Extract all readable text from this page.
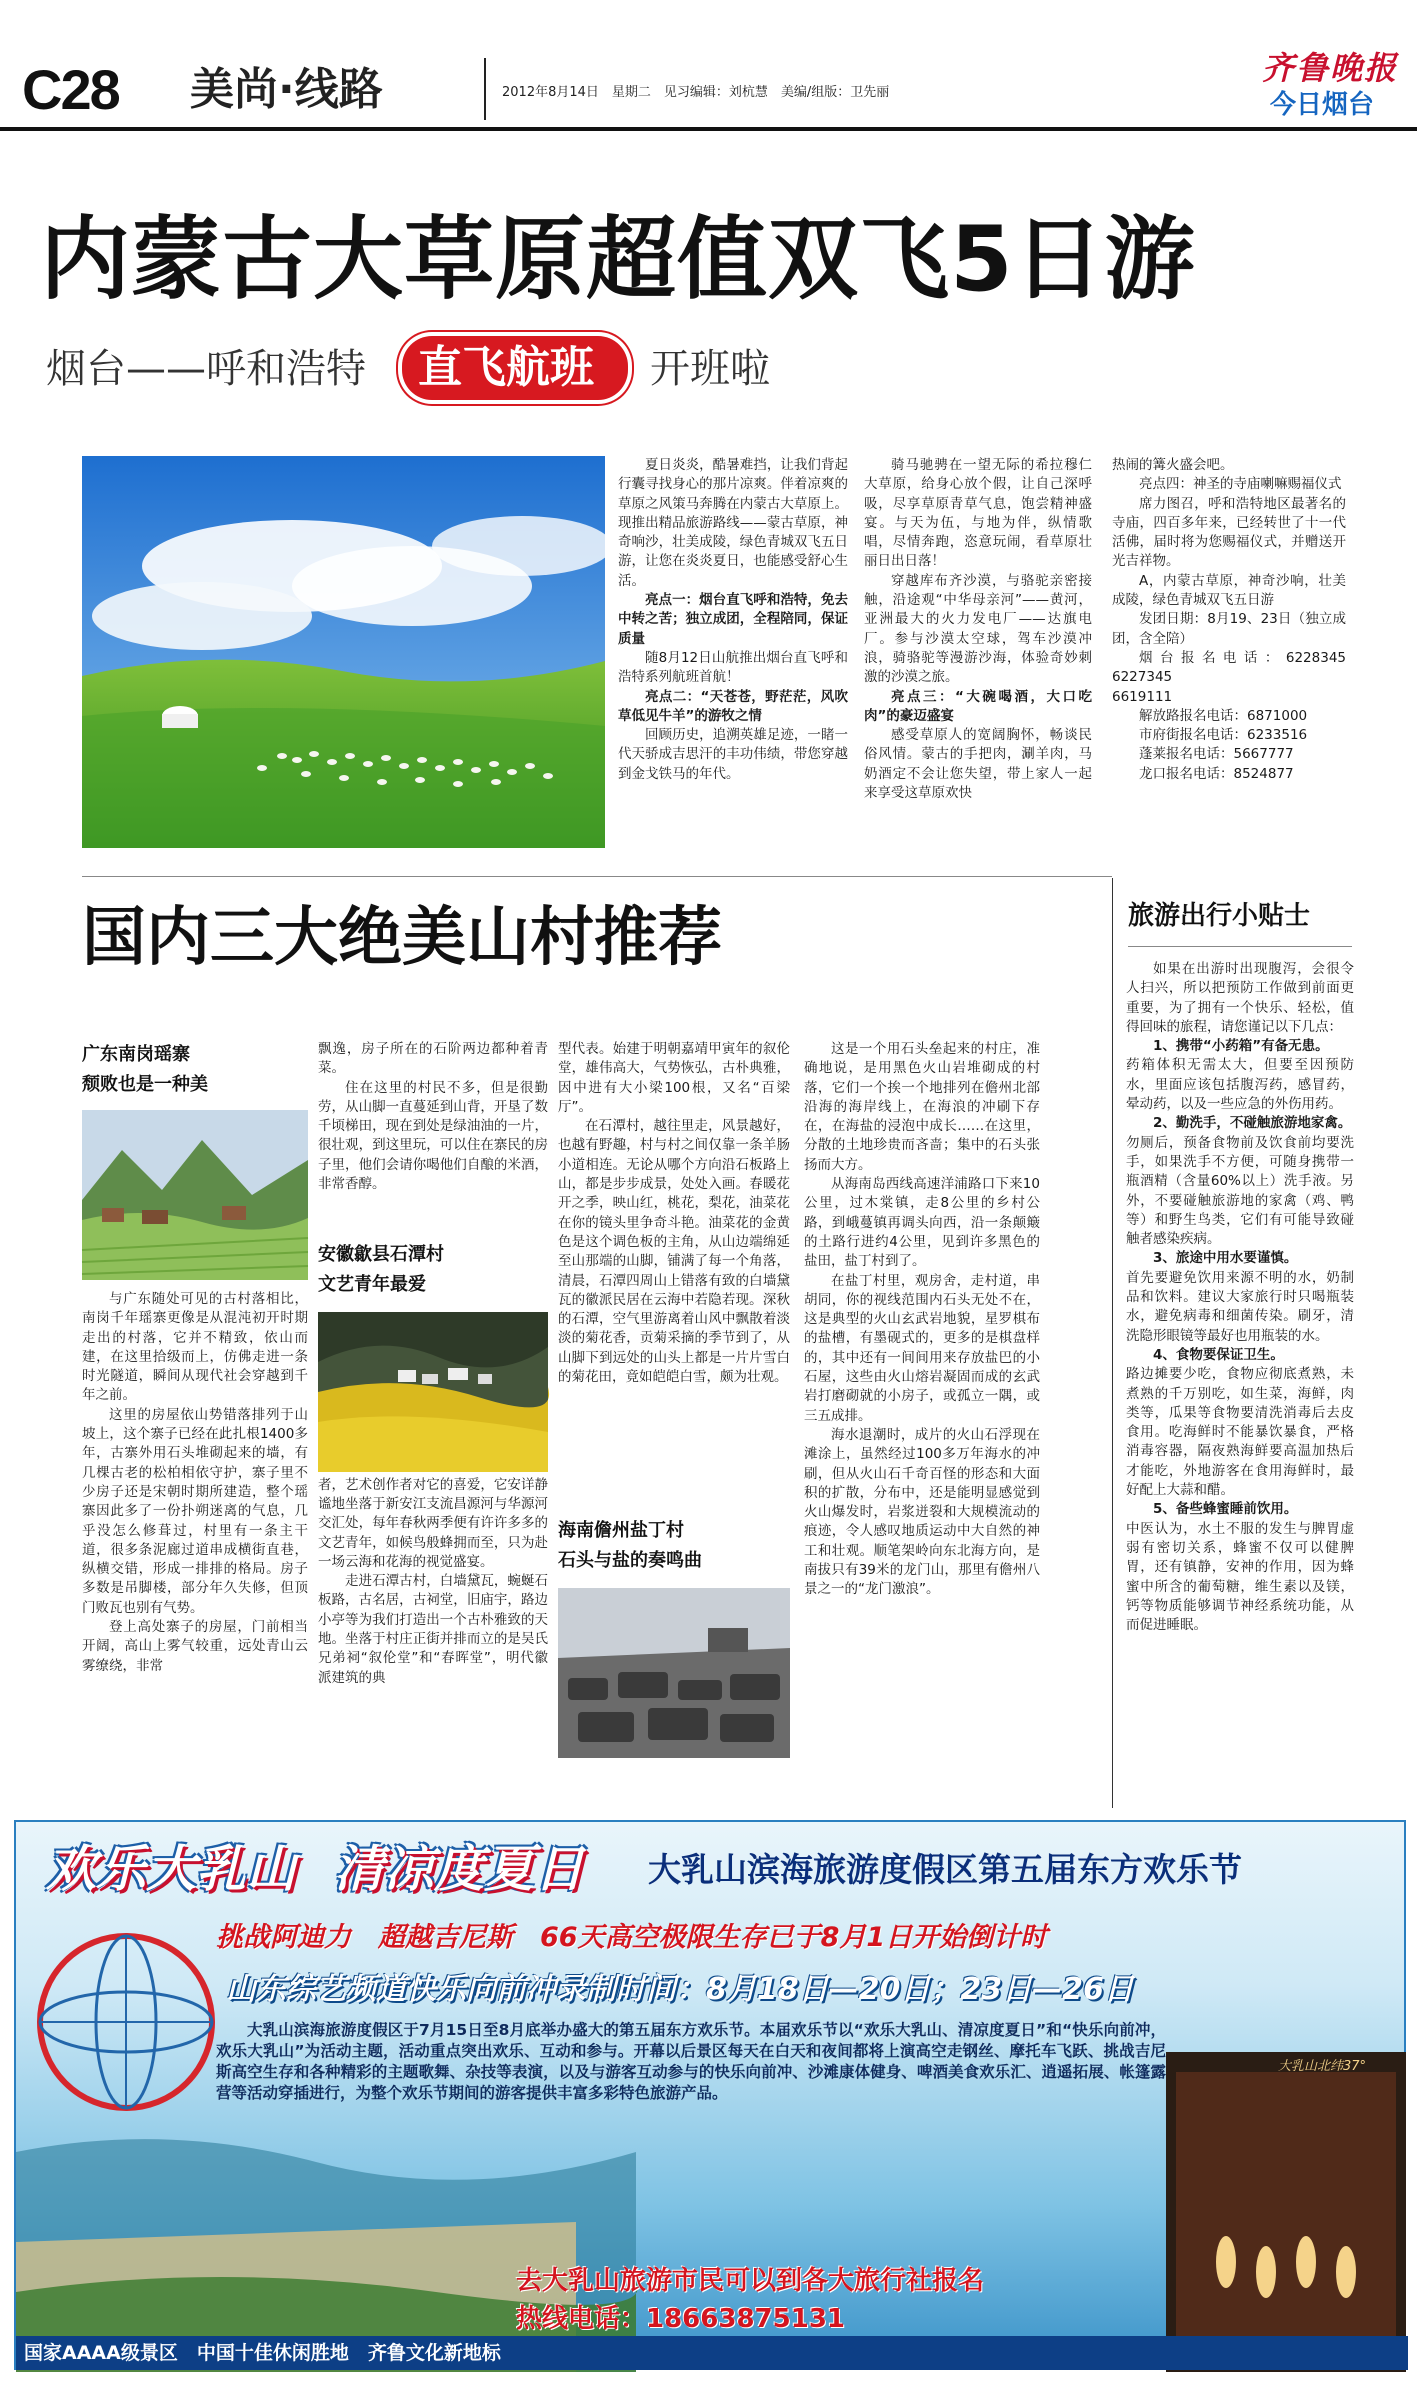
C28 美尚·线路	2012年8月14日　星期二　见习编辑：刘杭慧　美编/组版：卫先丽
齐鲁晚报
今日烟台
内蒙古大草原超值双飞5日游
烟台——呼和浩特 直飞航班 开班啦

夏日炎炎，酷暑难挡，让我们背起行囊寻找身心的那片凉爽。伴着凉爽的草原之风策马奔腾在内蒙古大草原上。现推出精品旅游路线——蒙古草原，神奇响沙，壮美成陵，绿色青城双飞五日游，让您在炎炎夏日，也能感受舒心生活。

亮点一：烟台直飞呼和浩特，免去中转之苦；独立成团，全程陪同，保证质量

随8月12日山航推出烟台直飞呼和浩特系列航班首航！

亮点二：“天苍苍，野茫茫，风吹草低见牛羊”的游牧之情

回顾历史，追溯英雄足迹，一睹一代天骄成吉思汗的丰功伟绩，带您穿越到金戈铁马的年代。

骑马驰骋在一望无际的希拉穆仁大草原，给身心放个假，让自己深呼吸，尽享草原青草气息，饱尝精神盛宴。与天为伍，与地为伴，纵情歌唱，尽情奔跑，恣意玩闹，看草原壮丽日出日落！

穿越库布齐沙漠，与骆驼亲密接触，沿途观“中华母亲河”——黄河，亚洲最大的火力发电厂——达旗电厂。参与沙漠太空球，驾车沙漠冲浪，骑骆驼等漫游沙海，体验奇妙刺激的沙漠之旅。

亮点三：“大碗喝酒，大口吃肉”的豪迈盛宴

感受草原人的宽阔胸怀，畅谈民俗风情。蒙古的手把肉，涮羊肉，马奶酒定不会让您失望，带上家人一起来享受这草原欢快

热闹的篝火盛会吧。

亮点四：神圣的寺庙喇嘛赐福仪式

席力图召，呼和浩特地区最著名的寺庙，四百多年来，已经转世了十一代活佛，届时将为您赐福仪式，并赠送开光吉祥物。

A，内蒙古草原，神奇沙响，壮美成陵，绿色青城双飞五日游

发团日期：8月19、23日（独立成团，含全陪）

烟台报名电话：6228345　6227345

6619111

解放路报名电话：6871000

市府街报名电话：6233516

蓬莱报名电话：5667777

龙口报名电话：8524877

国内三大绝美山村推荐
广东南岗瑶寨
颓败也是一种美

与广东随处可见的古村落相比，南岗千年瑶寨更像是从混沌初开时期走出的村落，它并不精致，依山而建，在这里拾级而上，仿佛走进一条时光隧道，瞬间从现代社会穿越到千年之前。

这里的房屋依山势错落排列于山坡上，这个寨子已经在此扎根1400多年，古寨外用石头堆砌起来的墙，有几棵古老的松柏相依守护，寨子里不少房子还是宋朝时期所建造，整个瑶寨因此多了一份扑朔迷离的气息，几乎没怎么修葺过，村里有一条主干道，很多条泥廊过道串成横街直巷，纵横交错，形成一排排的格局。房子多数是吊脚楼，部分年久失修，但顶门败瓦也别有气势。

登上高处寨子的房屋，门前相当开阔，高山上雾气较重，远处青山云雾缭绕，非常

飘逸，房子所在的石阶两边都种着青菜。

住在这里的村民不多，但是很勤劳，从山脚一直蔓延到山背，开垦了数千顷梯田，现在到处是绿油油的一片，很壮观，到这里玩，可以住在寨民的房子里，他们会请你喝他们自酿的米酒，非常香醇。

者，艺术创作者对它的喜爱，它安详静谧地坐落于新安江支流昌源河与华源河交汇处，每年春秋两季便有许许多多的文艺青年，如候鸟般蜂拥而至，只为赴一场云海和花海的视觉盛宴。

走进石潭古村，白墙黛瓦，蜿蜒石板路，古名居，古祠堂，旧庙宇，路边小亭等为我们打造出一个古朴雅致的天地。坐落于村庄正街并排而立的是吴氏兄弟祠“叙伦堂”和“春晖堂”，明代徽派建筑的典

安徽歙县石潭村
文艺青年最爱

型代表。始建于明朝嘉靖甲寅年的叙伦堂，雄伟高大，气势恢弘，古朴典雅，因中进有大小梁100根，又名“百梁厅”。

在石潭村，越往里走，风景越好，也越有野趣，村与村之间仅靠一条羊肠小道相连。无论从哪个方向沿石板路上山，都是步步成景，处处入画。春暖花开之季，映山红，桃花，梨花，油菜花在你的镜头里争奇斗艳。油菜花的金黄色是这个调色板的主角，从山边端绵延至山那端的山脚，铺满了每一个角落，清晨，石潭四周山上错落有致的白墙黛瓦的徽派民居在云海中若隐若现。深秋的石潭，空气里游离着山风中飘散着淡淡的菊花香，贡菊采摘的季节到了，从山脚下到远处的山头上都是一片片雪白的菊花田，竟如皑皑白雪，颇为壮观。

这是一个用石头垒起来的村庄，准确地说，是用黑色火山岩堆砌成的村落，它们一个挨一个地排列在儋州北部沿海的海岸线上，在海浪的冲刷下存在，在海盐的浸泡中成长……在这里，分散的土地珍贵而吝啬；集中的石头张扬而大方。

从海南岛西线高速洋浦路口下来10公里，过木棠镇，走8公里的乡村公路，到峨蔓镇再调头向西，沿一条颠簸的土路行进约4公里，见到许多黑色的盐田，盐丁村到了。

在盐丁村里，观房舍，走村道，串胡同，你的视线范围内石头无处不在，这是典型的火山玄武岩地貌，星罗棋布的盐槽，有墨砚式的，更多的是棋盘样的，其中还有一间间用来存放盐巴的小石屋，这些由火山熔岩凝固而成的玄武岩打磨砌就的小房子，或孤立一隅，或三五成排。

海水退潮时，成片的火山石浮现在滩涂上，虽然经过100多万年海水的冲刷，但从火山石千奇百怪的形态和大面积的扩散，分布中，还是能明显感觉到火山爆发时，岩浆迸裂和大规模流动的痕迹，令人感叹地质运动中大自然的神工和壮观。顺笔架岭向东北海方向，是南拔只有39米的龙门山，那里有儋州八景之一的“龙门激浪”。

海南儋州盐丁村
石头与盐的奏鸣曲
旅游出行小贴士

如果在出游时出现腹泻，会很令人扫兴，所以把预防工作做到前面更重要，为了拥有一个快乐、轻松，值得回味的旅程，请您谨记以下几点：

1、携带“小药箱”有备无患。

药箱体积无需太大，但要至因预防水，里面应该包括腹泻药，感冒药，晕动药，以及一些应急的外伤用药。

2、勤洗手，不碰触旅游地家禽。

勿厕后，预备食物前及饮食前均要洗手，如果洗手不方便，可随身携带一瓶酒精（含量60%以上）洗手液。另外，不要碰触旅游地的家禽（鸡、鸭等）和野生鸟类，它们有可能导致碰触者感染疾病。

3、旅途中用水要谨慎。

首先要避免饮用来源不明的水，奶制品和饮料。建议大家旅行时只喝瓶装水，避免病毒和细菌传染。刷牙，清洗隐形眼镜等最好也用瓶装的水。

4、食物要保证卫生。

路边摊要少吃，食物应彻底煮熟，未煮熟的千万别吃，如生菜，海鲜，肉类等，瓜果等食物要清洗消毒后去皮食用。吃海鲜时不能暴饮暴食，严格消毒容器，隔夜熟海鲜要高温加热后才能吃，外地游客在食用海鲜时，最好配上大蒜和醋。

5、备些蜂蜜睡前饮用。

中医认为，水土不服的发生与脾胃虚弱有密切关系，蜂蜜不仅可以健脾胃，还有镇静，安神的作用，因为蜂蜜中所含的葡萄糖，维生素以及镁，钙等物质能够调节神经系统功能，从而促进睡眠。

欢乐大乳山 清凉度夏日 大乳山滨海旅游度假区第五届东方欢乐节
挑战阿迪力　超越吉尼斯　66天高空极限生存已于8月1日开始倒计时
山东综艺频道快乐向前冲录制时间：8月18日—20日；23日—26日
大乳山滨海旅游度假区于7月15日至8月底举办盛大的第五届东方欢乐节。本届欢乐节以“欢乐大乳山、清凉度夏日”和“快乐向前冲，欢乐大乳山”为活动主题，活动重点突出欢乐、互动和参与。开幕以后景区每天在白天和夜间都将上演高空走钢丝、摩托车飞跃、挑战吉尼斯高空生存和各种精彩的主题歌舞、杂技等表演，以及与游客互动参与的快乐向前冲、沙滩康体健身、啤酒美食欢乐汇、逍遥拓展、帐篷露营等活动穿插进行，为整个欢乐节期间的游客提供丰富多彩特色旅游产品。
去大乳山旅游市民可以到各大旅行社报名
热线电话：18663875131
国家AAAA级景区　中国十佳休闲胜地　齐鲁文化新地标
大乳山北纬37°
